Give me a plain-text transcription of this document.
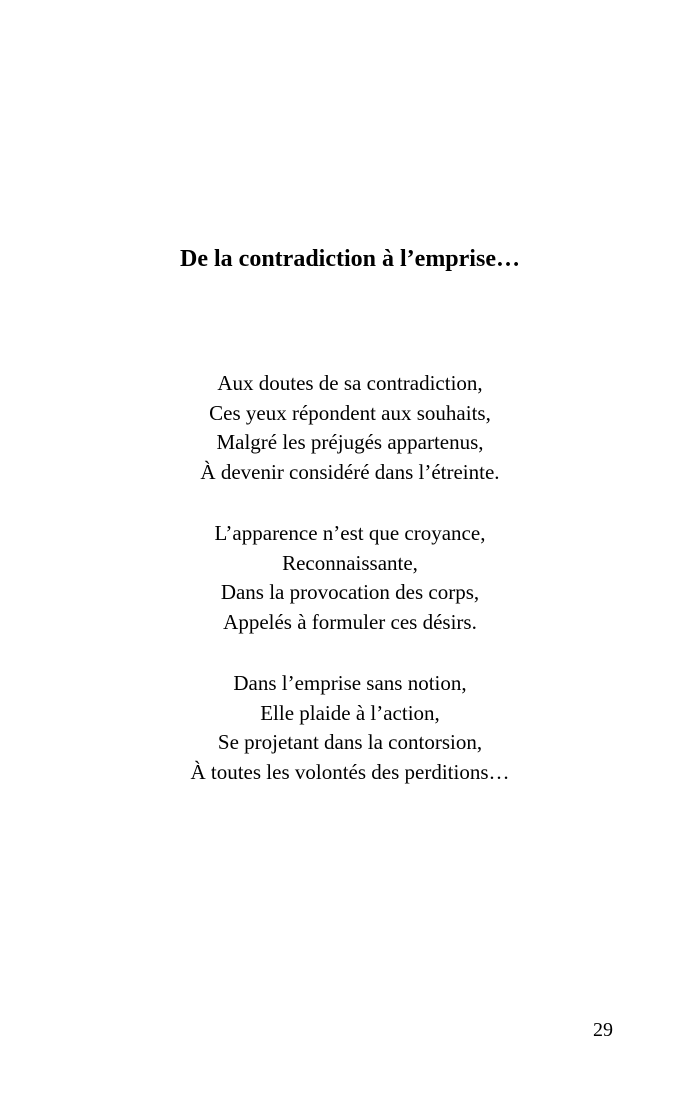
De la contradiction à l’emprise…
Aux doutes de sa contradiction,
Ces yeux répondent aux souhaits,
Malgré les préjugés appartenus,
À devenir considéré dans l’étreinte.
L’apparence n’est que croyance,
Reconnaissante,
Dans la provocation des corps,
Appelés à formuler ces désirs.
Dans l’emprise sans notion,
Elle plaide à l’action,
Se projetant dans la contorsion,
À toutes les volontés des perditions…
29
